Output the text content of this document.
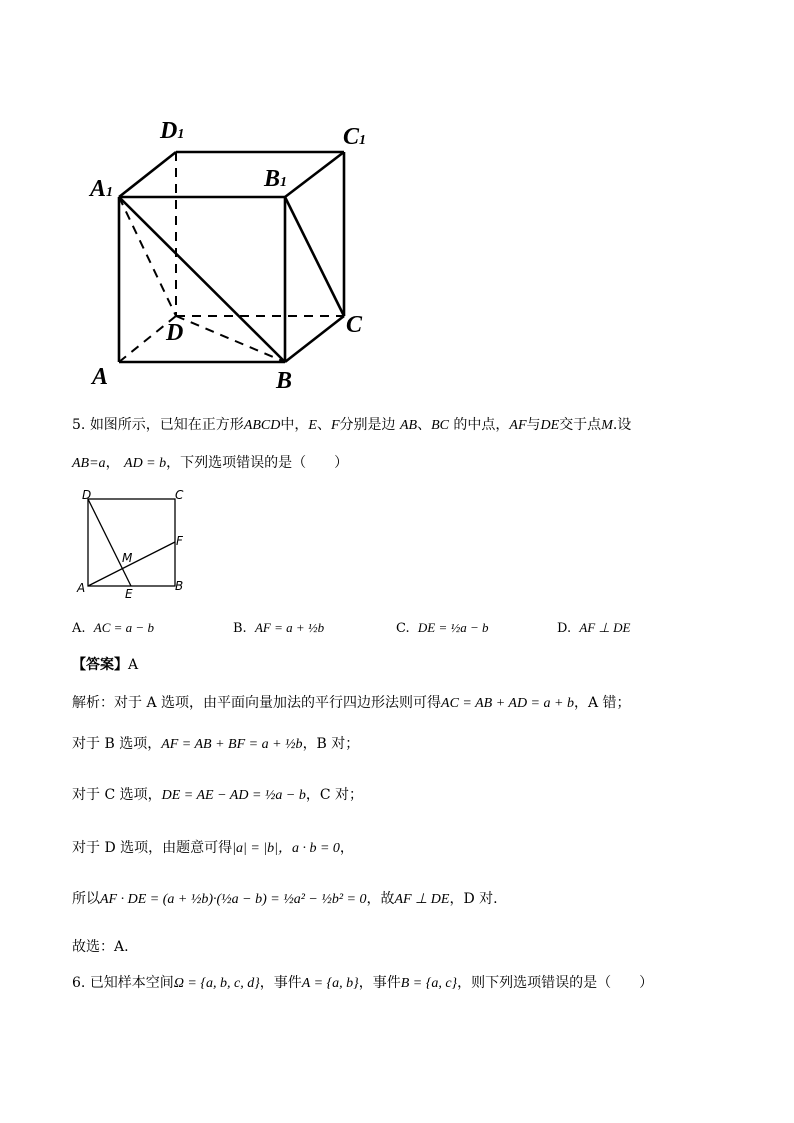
D1	C1
A1
B1
D	C
A	B
5. 如图所示，已知在正方形ABCD中，E、F分别是边 AB、BC 的中点，AF与DE交于点M.设
AB=a， AD = b，下列选项错误的是（　　）
D	C
F
M
A	E
B
A. AC = a − b	B. AF = a + ½b	C. DE = ½a − b	D. AF ⊥ DE
【答案】A
解析：对于 A 选项，由平面向量加法的平行四边形法则可得AC = AB + AD = a + b，A 错；
对于 B 选项，AF = AB + BF = a + ½b，B 对；
对于 C 选项，DE = AE − AD = ½a − b，C 对；
对于 D 选项，由题意可得|a| = |b|，a · b = 0，
所以AF · DE = (a + ½b)·(½a − b) = ½a² − ½b² = 0，故AF ⊥ DE，D 对.
故选：A.
6. 已知样本空间Ω = {a, b, c, d}，事件A = {a, b}，事件B = {a, c}，则下列选项错误的是（　　）
